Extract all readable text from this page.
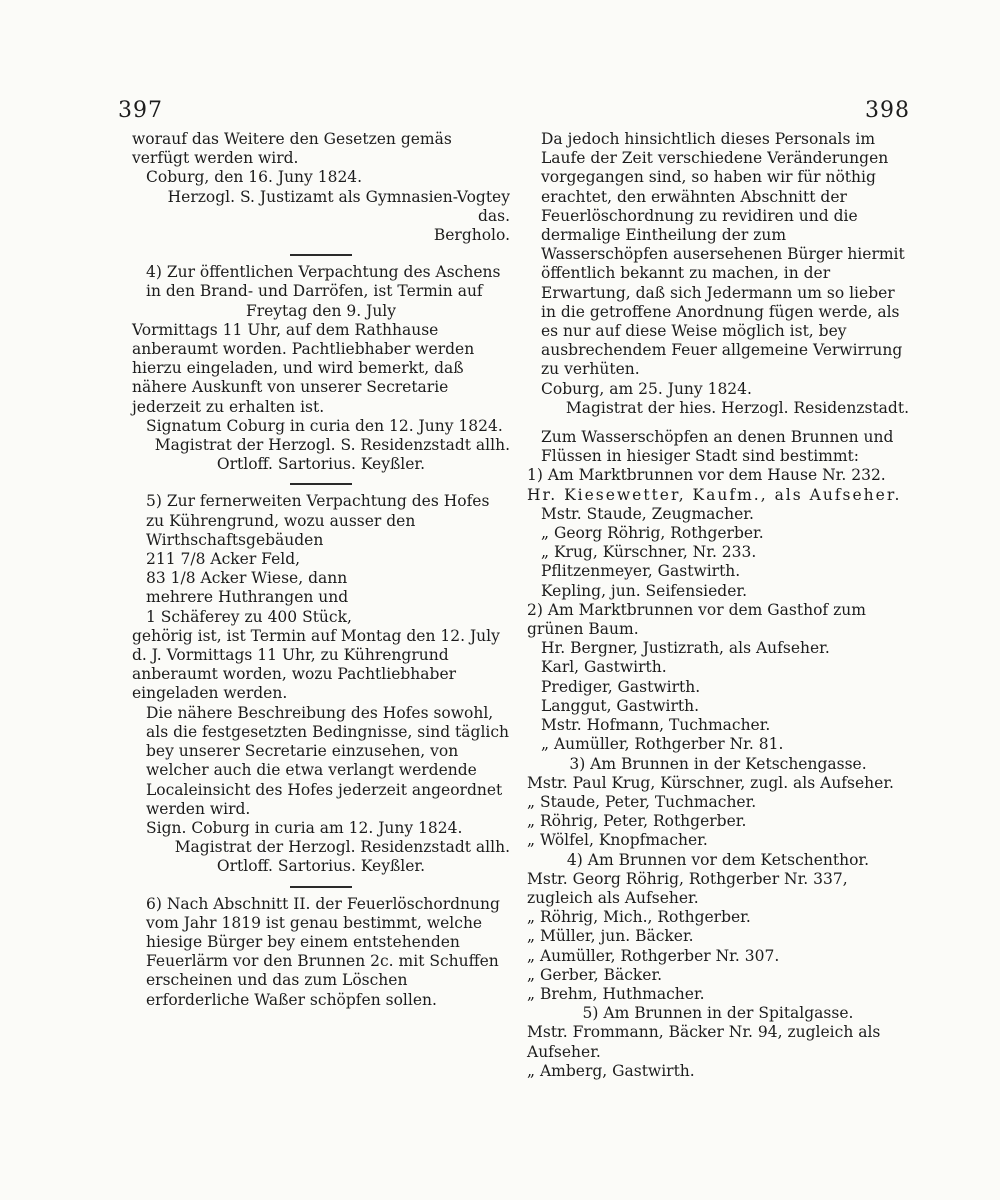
397	398

worauf das Weitere den Gesetzen gemäs verfügt werden wird.

Coburg, den 16. Juny 1824.

Herzogl. S. Justizamt als Gymnasien-Vogtey das.

Bergholo.

4) Zur öffentlichen Verpachtung des Aschens in den Brand- und Darröfen, ist Termin auf

Freytag den 9. July

Vormittags 11 Uhr, auf dem Rathhause anberaumt worden. Pachtliebhaber werden hierzu eingeladen, und wird bemerkt, daß nähere Auskunft von unserer Secretarie jederzeit zu erhalten ist.

Signatum Coburg in curia den 12. Juny 1824.

Magistrat der Herzogl. S. Residenzstadt allh.

Ortloff. Sartorius. Keyßler.

5) Zur fernerweiten Verpachtung des Hofes zu Kührengrund, wozu ausser den Wirthschaftsgebäuden

211 7/8 Acker Feld,
83 1/8 Acker Wiese, dann
mehrere Huthrangen und
1 Schäferey zu 400 Stück,

gehörig ist, ist Termin auf Montag den 12. July d. J. Vormittags 11 Uhr, zu Kührengrund anberaumt worden, wozu Pachtliebhaber eingeladen werden.

Die nähere Beschreibung des Hofes sowohl, als die festgesetzten Bedingnisse, sind täglich bey unserer Secretarie einzusehen, von welcher auch die etwa verlangt werdende Localeinsicht des Hofes jederzeit angeordnet werden wird.

Sign. Coburg in curia am 12. Juny 1824.

Magistrat der Herzogl. Residenzstadt allh.

Ortloff. Sartorius. Keyßler.

6) Nach Abschnitt II. der Feuerlöschordnung vom Jahr 1819 ist genau bestimmt, welche hiesige Bürger bey einem entstehenden Feuerlärm vor den Brunnen 2c. mit Schuffen erscheinen und das zum Löschen erforderliche Waßer schöpfen sollen.

Da jedoch hinsichtlich dieses Personals im Laufe der Zeit verschiedene Veränderungen vorgegangen sind, so haben wir für nöthig erachtet, den erwähnten Abschnitt der Feuerlöschordnung zu revidiren und die dermalige Eintheilung der zum Wasserschöpfen ausersehenen Bürger hiermit öffentlich bekannt zu machen, in der Erwartung, daß sich Jedermann um so lieber in die getroffene Anordnung fügen werde, als es nur auf diese Weise möglich ist, bey ausbrechendem Feuer allgemeine Verwirrung zu verhüten.

Coburg, am 25. Juny 1824.

Magistrat der hies. Herzogl. Residenzstadt.

Zum Wasserschöpfen an denen Brunnen und Flüssen in hiesiger Stadt sind bestimmt:

1) Am Marktbrunnen vor dem Hause Nr. 232.

Hr. Kiesewetter, Kaufm., als Aufseher.

Mstr. Staude, Zeugmacher.
„ Georg Röhrig, Rothgerber.
„ Krug, Kürschner, Nr. 233.
Pflitzenmeyer, Gastwirth.
Kepling, jun. Seifensieder.

2) Am Marktbrunnen vor dem Gasthof zum grünen Baum.

Hr. Bergner, Justizrath, als Aufseher.
Karl, Gastwirth.
Prediger, Gastwirth.
Langgut, Gastwirth.
Mstr. Hofmann, Tuchmacher.
„ Aumüller, Rothgerber Nr. 81.

3) Am Brunnen in der Ketschengasse.

Mstr. Paul Krug, Kürschner, zugl. als Aufseher.
„ Staude, Peter, Tuchmacher.
„ Röhrig, Peter, Rothgerber.
„ Wölfel, Knopfmacher.

4) Am Brunnen vor dem Ketschenthor.

Mstr. Georg Röhrig, Rothgerber Nr. 337, zugleich als Aufseher.
„ Röhrig, Mich., Rothgerber.
„ Müller, jun. Bäcker.
„ Aumüller, Rothgerber Nr. 307.
„ Gerber, Bäcker.
„ Brehm, Huthmacher.

5) Am Brunnen in der Spitalgasse.

Mstr. Frommann, Bäcker Nr. 94, zugleich als Aufseher.
„ Amberg, Gastwirth.
